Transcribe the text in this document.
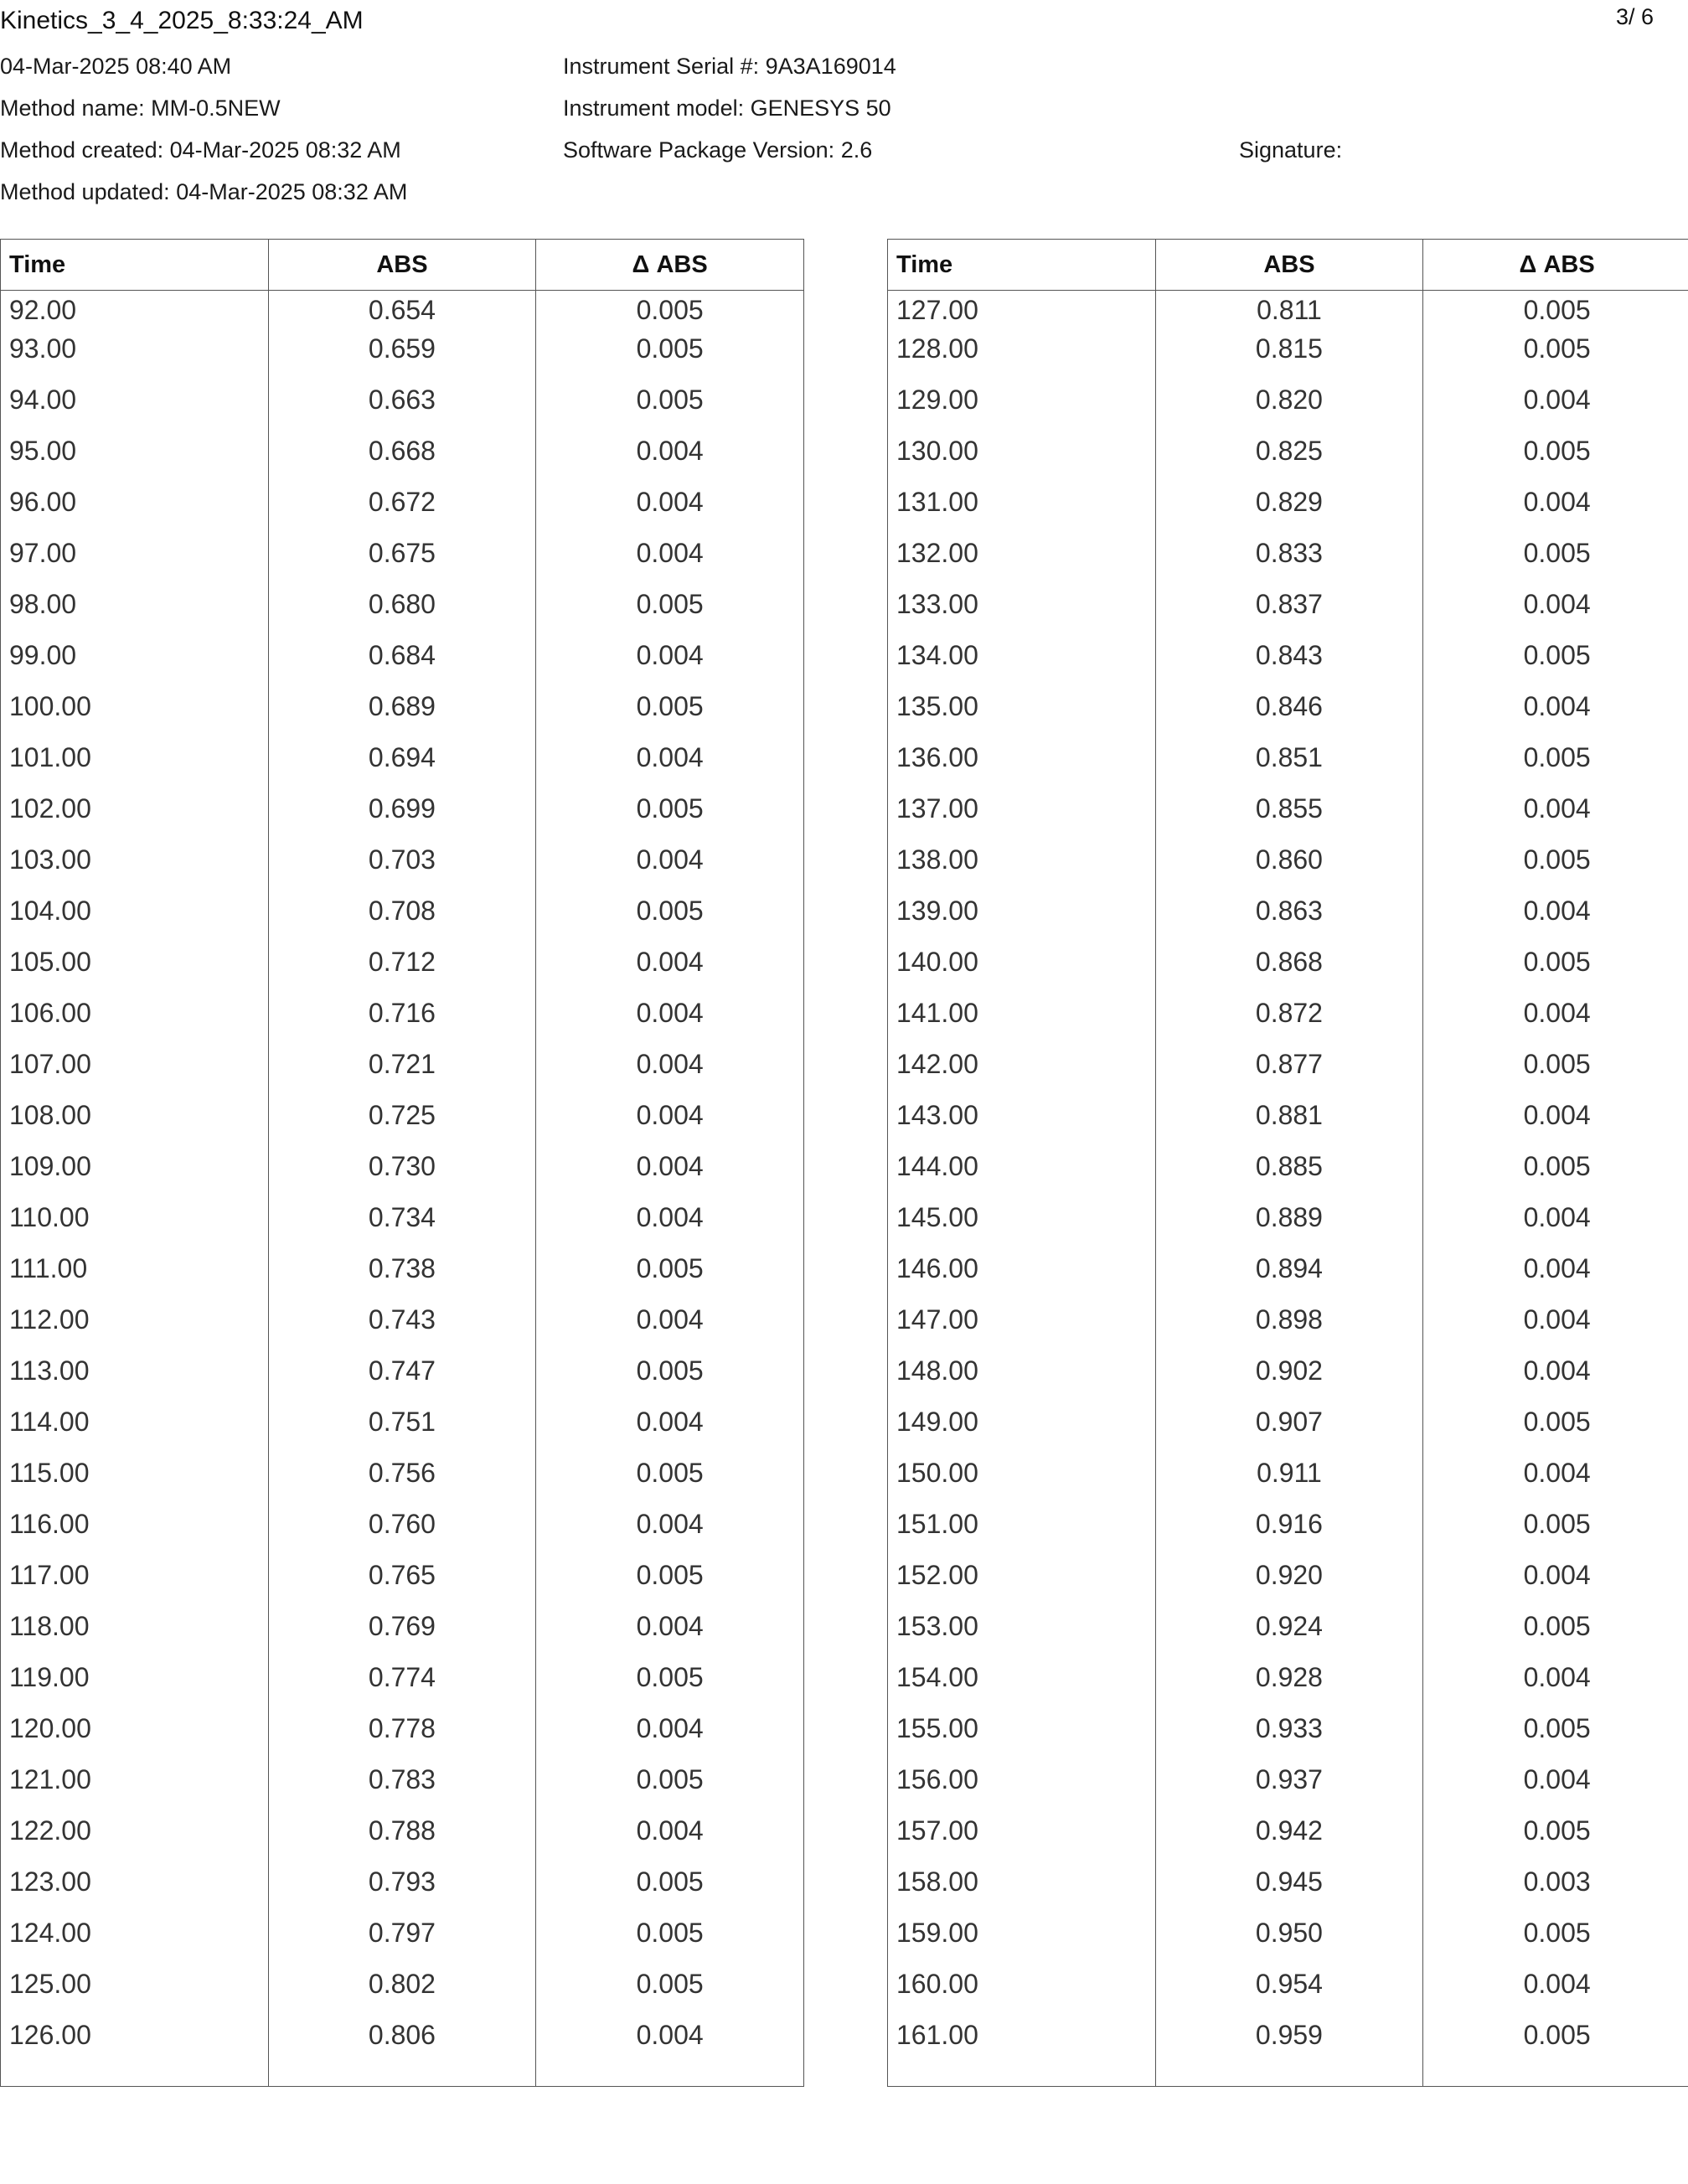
Kinetics_3_4_2025_8:33:24_AM	3/ 6
04-Mar-2025 08:40 AM
Method name: MM-0.5NEW
Method created: 04-Mar-2025 08:32 AM
Method updated: 04-Mar-2025 08:32 AM
Instrument Serial #: 9A3A169014
Instrument model: GENESYS 50
Software Package Version: 2.6	Signature:
Time	ABS	Δ ABS
92.00	0.654	0.005
93.00	0.659	0.005
94.00	0.663	0.005
95.00	0.668	0.004
96.00	0.672	0.004
97.00	0.675	0.004
98.00	0.680	0.005
99.00	0.684	0.004
100.00	0.689	0.005
101.00	0.694	0.004
102.00	0.699	0.005
103.00	0.703	0.004
104.00	0.708	0.005
105.00	0.712	0.004
106.00	0.716	0.004
107.00	0.721	0.004
108.00	0.725	0.004
109.00	0.730	0.004
110.00	0.734	0.004
111.00	0.738	0.005
112.00	0.743	0.004
113.00	0.747	0.005
114.00	0.751	0.004
115.00	0.756	0.005
116.00	0.760	0.004
117.00	0.765	0.005
118.00	0.769	0.004
119.00	0.774	0.005
120.00	0.778	0.004
121.00	0.783	0.005
122.00	0.788	0.004
123.00	0.793	0.005
124.00	0.797	0.005
125.00	0.802	0.005
126.00	0.806	0.004
Time	ABS	Δ ABS
127.00	0.811	0.005
128.00	0.815	0.005
129.00	0.820	0.004
130.00	0.825	0.005
131.00	0.829	0.004
132.00	0.833	0.005
133.00	0.837	0.004
134.00	0.843	0.005
135.00	0.846	0.004
136.00	0.851	0.005
137.00	0.855	0.004
138.00	0.860	0.005
139.00	0.863	0.004
140.00	0.868	0.005
141.00	0.872	0.004
142.00	0.877	0.005
143.00	0.881	0.004
144.00	0.885	0.005
145.00	0.889	0.004
146.00	0.894	0.004
147.00	0.898	0.004
148.00	0.902	0.004
149.00	0.907	0.005
150.00	0.911	0.004
151.00	0.916	0.005
152.00	0.920	0.004
153.00	0.924	0.005
154.00	0.928	0.004
155.00	0.933	0.005
156.00	0.937	0.004
157.00	0.942	0.005
158.00	0.945	0.003
159.00	0.950	0.005
160.00	0.954	0.004
161.00	0.959	0.005
